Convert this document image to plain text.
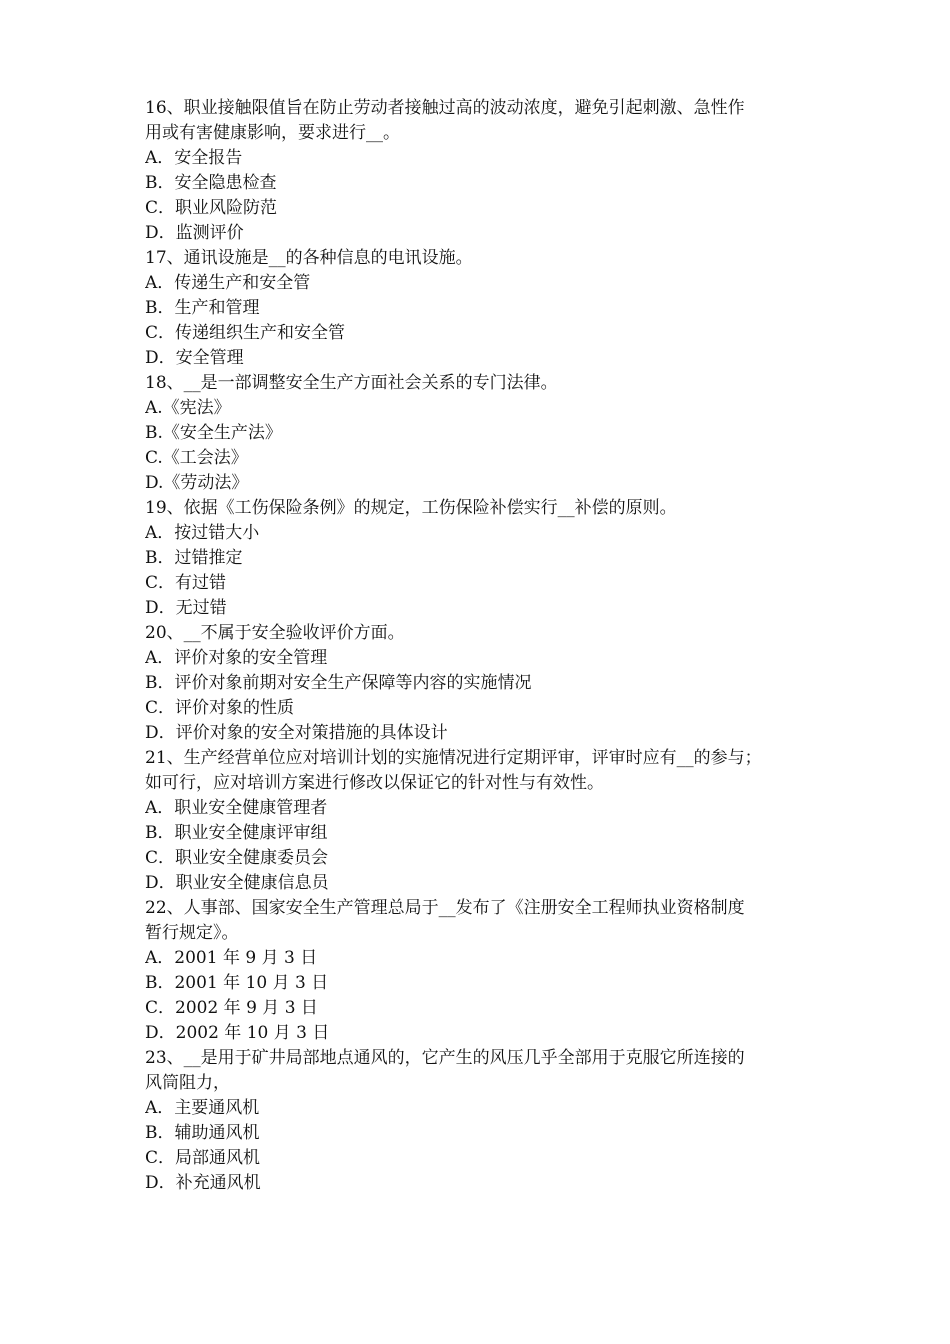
16、职业接触限值旨在防止劳动者接触过高的波动浓度，避免引起刺激、急性作
用或有害健康影响，要求进行__。
A．安全报告
B．安全隐患检查
C．职业风险防范
D．监测评价
17、通讯设施是__的各种信息的电讯设施。
A．传递生产和安全管
B．生产和管理
C．传递组织生产和安全管
D．安全管理
18、__是一部调整安全生产方面社会关系的专门法律。
A.《宪法》
B.《安全生产法》
C.《工会法》
D.《劳动法》
19、依据《工伤保险条例》的规定，工伤保险补偿实行__补偿的原则。
A．按过错大小
B．过错推定
C．有过错
D．无过错
20、__不属于安全验收评价方面。
A．评价对象的安全管理
B．评价对象前期对安全生产保障等内容的实施情况
C．评价对象的性质
D．评价对象的安全对策措施的具体设计
21、生产经营单位应对培训计划的实施情况进行定期评审，评审时应有__的参与；
如可行，应对培训方案进行修改以保证它的针对性与有效性。
A．职业安全健康管理者
B．职业安全健康评审组
C．职业安全健康委员会
D．职业安全健康信息员
22、人事部、国家安全生产管理总局于__发布了《注册安全工程师执业资格制度
暂行规定》。
A．2001 年 9 月 3 日
B．2001 年 10 月 3 日
C．2002 年 9 月 3 日
D．2002 年 10 月 3 日
23、__是用于矿井局部地点通风的，它产生的风压几乎全部用于克服它所连接的
风筒阻力，
A．主要通风机
B．辅助通风机
C．局部通风机
D．补充通风机
